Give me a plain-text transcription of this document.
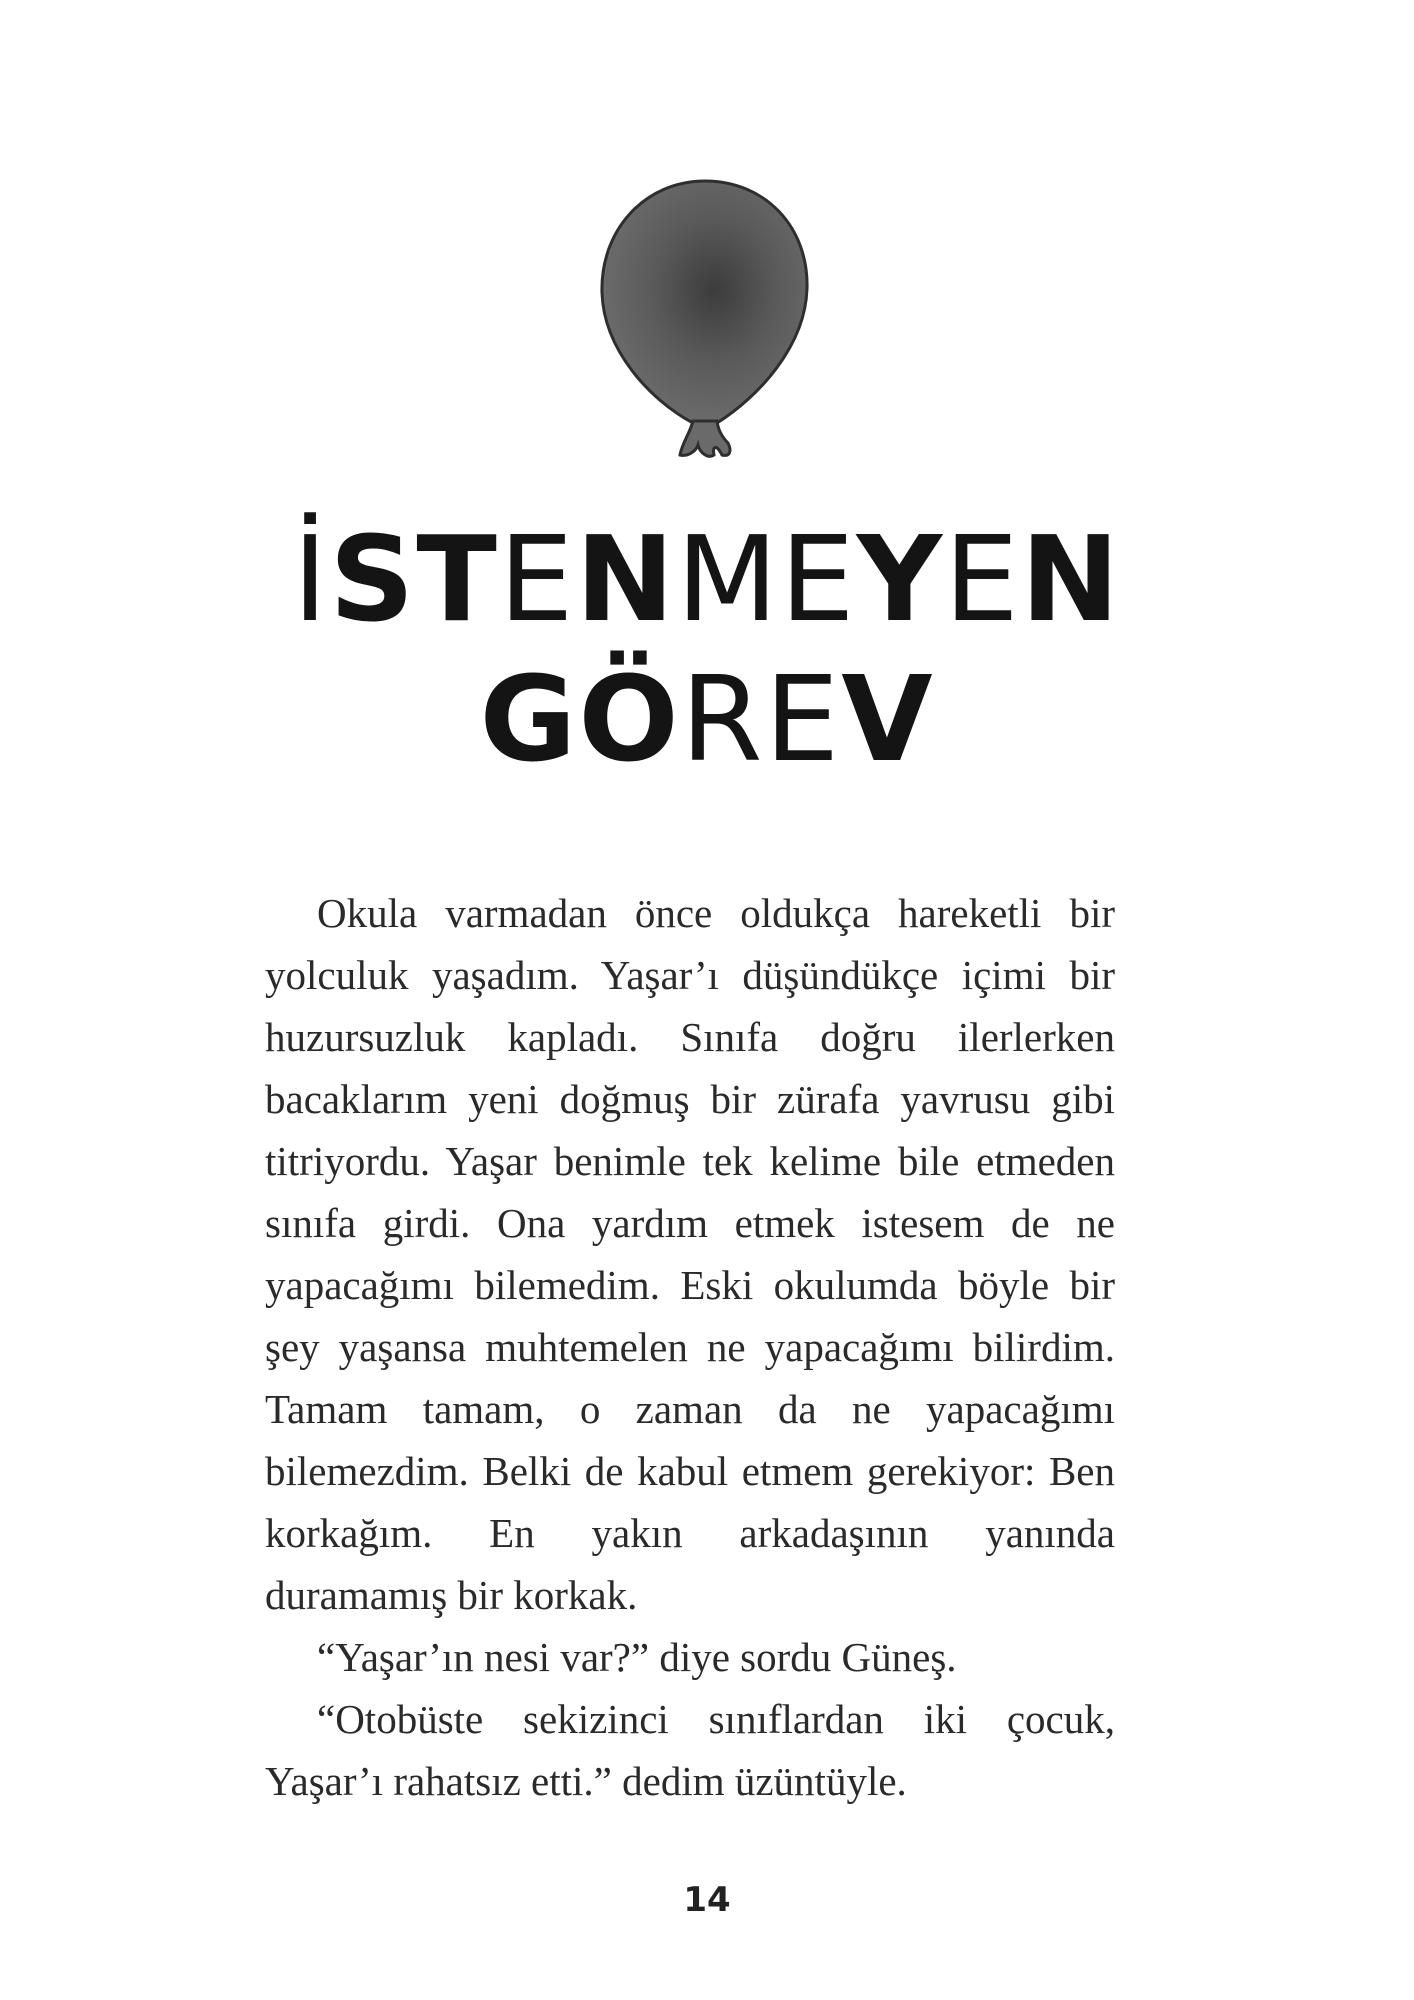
İSTENMEYEN
GÖREV

Okula varmadan önce oldukça hareketli bir yolculuk yaşadım. Yaşar’ı düşündükçe içimi bir huzursuzluk kapladı. Sınıfa doğru ilerlerken bacaklarım yeni doğmuş bir zürafa yavrusu gibi titriyordu. Yaşar benimle tek kelime bile etmeden sınıfa girdi. Ona yardım etmek istesem de ne yapacağımı bilemedim. Eski okulumda böyle bir şey yaşansa muhtemelen ne yapacağımı bilirdim. Tamam tamam, o zaman da ne yapacağımı bilemezdim. Belki de kabul etmem gerekiyor: Ben korkağım. En yakın arkadaşının yanında duramamış bir korkak.

“Yaşar’ın nesi var?” diye sordu Güneş.

“Otobüste sekizinci sınıflardan iki çocuk, Yaşar’ı rahatsız etti.” dedim üzüntüyle.

14
